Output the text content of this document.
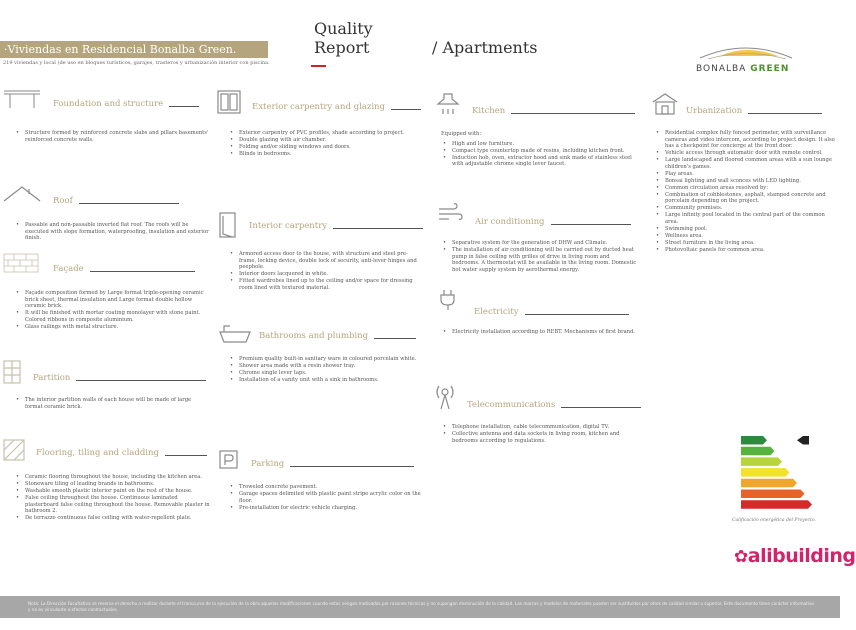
·Viviendas en Residencial Bonalba Green.
219 viviendas y local (de uso en bloques turísticos, garajes, trasteros y urbanización interior con piscina.
Quality
Report	/ Apartments
BONALBA GREEN
Foundation and structure
• Structure formed by reinforced concrete slabs and pillars basements' reinforced concrete walls.
Roof
• Passable and non-passable inverted flat roof. The roofs will be executed with slope formation, waterproofing, insulation and exterior finish.
Façade
• Façade composition formed by Large format triple-opening ceramic brick sheet, thermal insulation and Large format double hollow ceramic brick.
• It will be finished with mortar coating monolayer with stone paint. Colored ribbons in composite aluminium.
• Glass railings with metal structure.
Partition
• The interior partition walls of each house will be made of large format ceramic brick.
Flooring, tiling and cladding
• Ceramic flooring throughout the house, including the kitchen area.
• Stoneware tiling of leading brands in bathrooms.
• Washable smooth plastic interior paint on the rest of the house.
• False ceiling throughout the house. Continuous laminated plasterboard false ceiling throughout the house. Removable plaster in bathroom 2.
• De terrazzo continuous false ceiling with water-repellent plate.
Exterior carpentry and glazing
• Exterior carpentry of PVC profiles, shade according to project.
• Double glazing with air chamber.
• Folding and/or sliding windows and doors.
• Blinds in bedrooms.
Interior carpentry
• Armored access door to the house, with structure and steel pre-frame, locking device, double lock of security, anti-lever hinges and peephole.
• Interior doors lacquered in white.
• Fitted wardrobes lined up to the ceiling and/or space for dressing room lined with textured material.
Bathrooms and plumbing
• Premium quality built-in sanitary ware in coloured porcelain white.
• Shower area made with a resin shower tray.
• Chrome single lever taps.
• Installation of a vanity unit with a sink in bathrooms.
Parking
• Troweled concrete pavement.
• Garage spaces delimited with plastic paint stripe acrylic color on the floor.
• Pre-installation for electric vehicle charging.
Kitchen

Equipped with:

• High and low furniture.
• Compact type countertop made of resins, including kitchen front.
• Induction hob, oven, extractor hood and sink made of stainless steel with adjustable chrome single lever faucet.
Air conditioning
• Separative system for the generation of DHW and Climate.
• The installation of air conditioning will be carried out by ducted heat pump in false ceiling with grilles of drive in living room and bedrooms. A thermostat will be available in the living room. Domestic hot water supply system by aerothermal energy.
Electricity
• Electricity installation according to REBT. Mechanisms of first brand.
Telecommunications
• Telephone installation, cable telecommunication, digital TV.
• Collective antenna and data sockets in living room, kitchen and bedrooms according to regulations.
Urbanization
• Residential complex fully fenced perimeter, with surveillance cameras and video intercom, according to project design. It also has a checkpoint for concierge at the front door.
• Vehicle access through automatic door with remote control.
• Large landscaped and floored common areas with a sun lounge children's games.
• Play areas.
• Bonsai lighting and wall sconces with LED lighting.
• Common circulation areas resolved by:
• Combination of cobblestones, asphalt, stamped concrete and porcelain depending on the project.
• Community premises.
• Large infinity pool located in the central part of the common area.
• Swimming pool.
• Wellness area.
• Street furniture in the living area.
• Photovoltaic panels for common area.
Calificación energética del Proyecto.
✿alibuilding
Nota: La Dirección Facultativa se reserva el derecho a realizar durante el transcurso de la ejecución de la obra aquellas modificaciones cuando estas vengan motivadas por razones técnicas y no supongan disminución de la calidad. Las marcas y modelos de materiales pueden ser sustituidos por otros de calidad similar o superior. Este documento tiene carácter informativo y no es vinculante a efectos contractuales.
